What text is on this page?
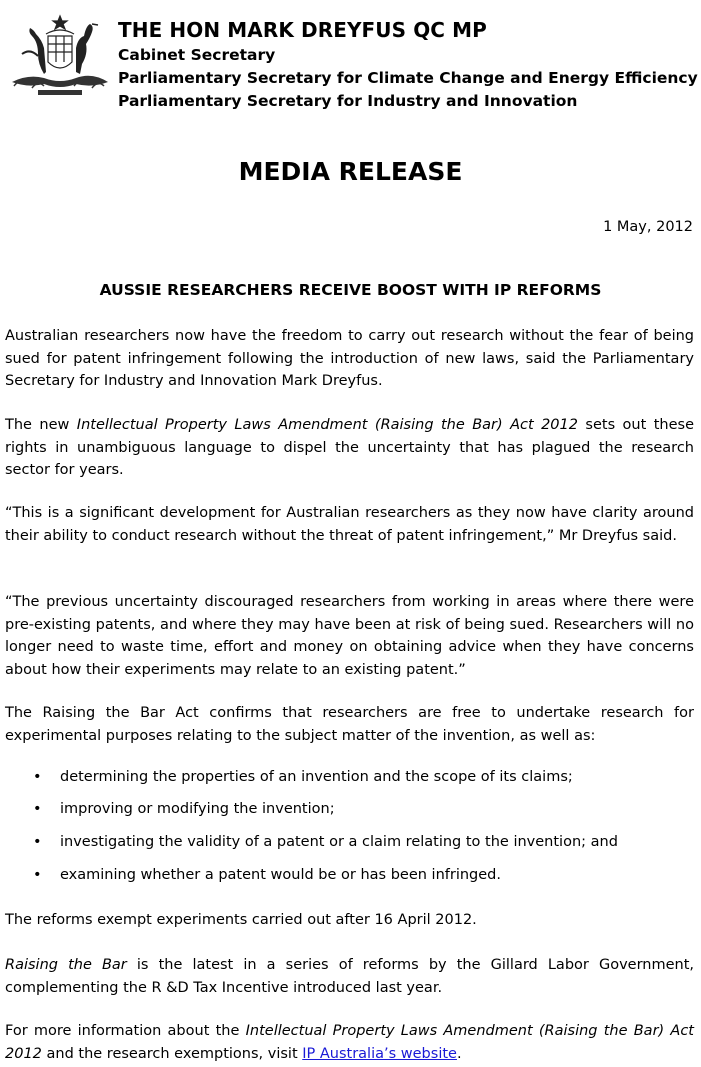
THE HON MARK DREYFUS QC MP
Cabinet Secretary
Parliamentary Secretary for Climate Change and Energy Efficiency
Parliamentary Secretary for Industry and Innovation
MEDIA RELEASE
1 May, 2012
AUSSIE RESEARCHERS RECEIVE BOOST WITH IP REFORMS

Australian researchers now have the freedom to carry out research without the fear of being sued for patent infringement following the introduction of new laws, said the Parliamentary Secretary for Industry and Innovation Mark Dreyfus.

The new Intellectual Property Laws Amendment (Raising the Bar) Act 2012 sets out these rights in unambiguous language to dispel the uncertainty that has plagued the research sector for years.

“This is a significant development for Australian researchers as they now have clarity around their ability to conduct research without the threat of patent infringement,” Mr Dreyfus said.

“The previous uncertainty discouraged researchers from working in areas where there were pre-existing patents, and where they may have been at risk of being sued. Researchers will no longer need to waste time, effort and money on obtaining advice when they have concerns about how their experiments may relate to an existing patent.”

The Raising the Bar Act confirms that researchers are free to undertake research for experimental purposes relating to the subject matter of the invention, as well as:

• determining the properties of an invention and the scope of its claims;
• improving or modifying the invention;
• investigating the validity of a patent or a claim relating to the invention; and
• examining whether a patent would be or has been infringed.

The reforms exempt experiments carried out after 16 April 2012.

Raising the Bar is the latest in a series of reforms by the Gillard Labor Government, complementing the R &D Tax Incentive introduced last year.

For more information about the Intellectual Property Laws Amendment (Raising the Bar) Act 2012 and the research exemptions, visit IP Australia’s website.
